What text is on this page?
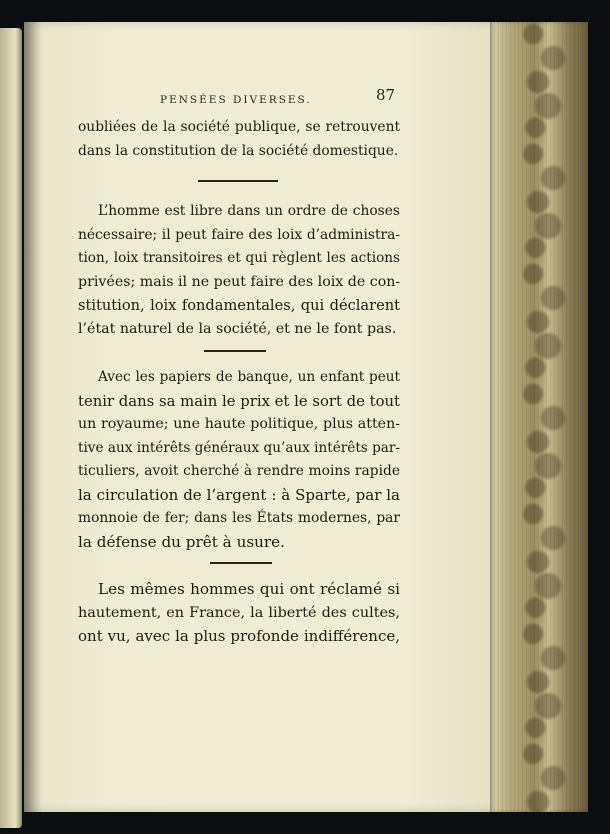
PENSÉES DIVERSES.	87
oubliées de la société publique, se retrouvent
dans la constitution de la société domestique.
L’homme est libre dans un ordre de choses
nécessaire; il peut faire des loix d’administra-
tion, loix transitoires et qui règlent les actions
privées; mais il ne peut faire des loix de con-
stitution, loix fondamentales, qui déclarent
l’état naturel de la société, et ne le font pas.
Avec les papiers de banque, un enfant peut
tenir dans sa main le prix et le sort de tout
un royaume; une haute politique, plus atten-
tive aux intérêts généraux qu’aux intérêts par-
ticuliers, avoit cherché à rendre moins rapide
la circulation de l’argent : à Sparte, par la
monnoie de fer; dans les États modernes, par
la défense du prêt à usure.
Les mêmes hommes qui ont réclamé si
hautement, en France, la liberté des cultes,
ont vu, avec la plus profonde indifférence,
